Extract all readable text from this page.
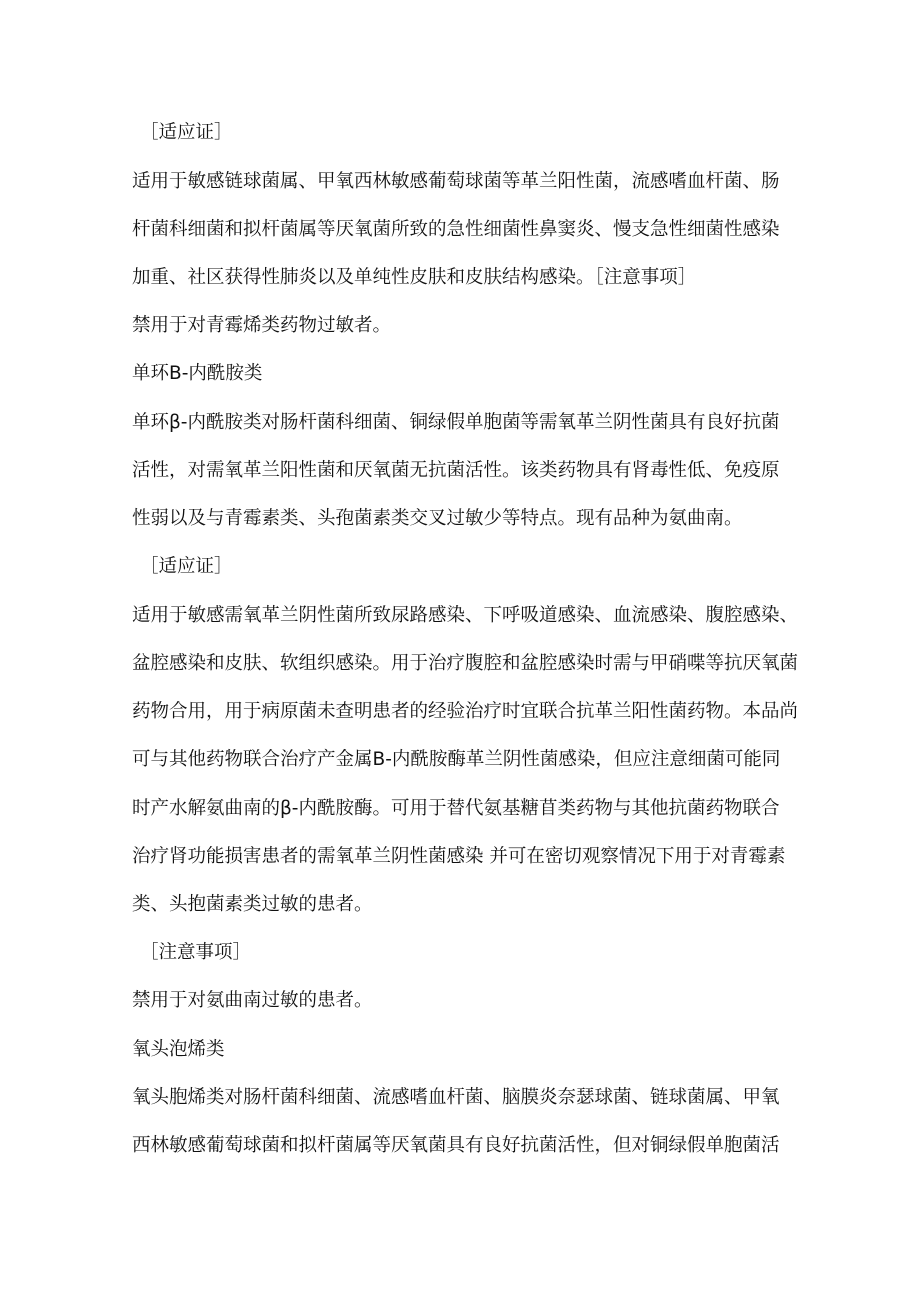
［适应证］
适用于敏感链球菌属、甲氧西林敏感葡萄球菌等革兰阳性菌，流感嗜血杆菌、肠
杆菌科细菌和拟杆菌属等厌氧菌所致的急性细菌性鼻窦炎、慢支急性细菌性感染
加重、社区获得性肺炎以及单纯性皮肤和皮肤结构感染。［注意事项］
禁用于对青霉烯类药物过敏者。
单环Β-内酰胺类
单环β-内酰胺类对肠杆菌科细菌、铜绿假单胞菌等需氧革兰阴性菌具有良好抗菌
活性，对需氧革兰阳性菌和厌氧菌无抗菌活性。该类药物具有肾毒性低、免疫原
性弱以及与青霉素类、头孢菌素类交叉过敏少等特点。现有品种为氨曲南。
［适应证］
适用于敏感需氧革兰阴性菌所致尿路感染、下呼吸道感染、血流感染、腹腔感染、
盆腔感染和皮肤、软组织感染。用于治疗腹腔和盆腔感染时需与甲硝喋等抗厌氧菌
药物合用，用于病原菌未查明患者的经验治疗时宜联合抗革兰阳性菌药物。本品尚
可与其他药物联合治疗产金属Β-内酰胺酶革兰阴性菌感染，但应注意细菌可能同
时产水解氨曲南的β-内酰胺酶。可用于替代氨基糖苜类药物与其他抗菌药物联合
治疗肾功能损害患者的需氧革兰阴性菌感染 并可在密切观察情况下用于对青霉素
类、头抱菌素类过敏的患者。
［注意事项］
禁用于对氨曲南过敏的患者。
氧头泡烯类
氧头胞烯类对肠杆菌科细菌、流感嗜血杆菌、脑膜炎奈瑟球菌、链球菌属、甲氧
西林敏感葡萄球菌和拟杆菌属等厌氧菌具有良好抗菌活性，但对铜绿假单胞菌活
